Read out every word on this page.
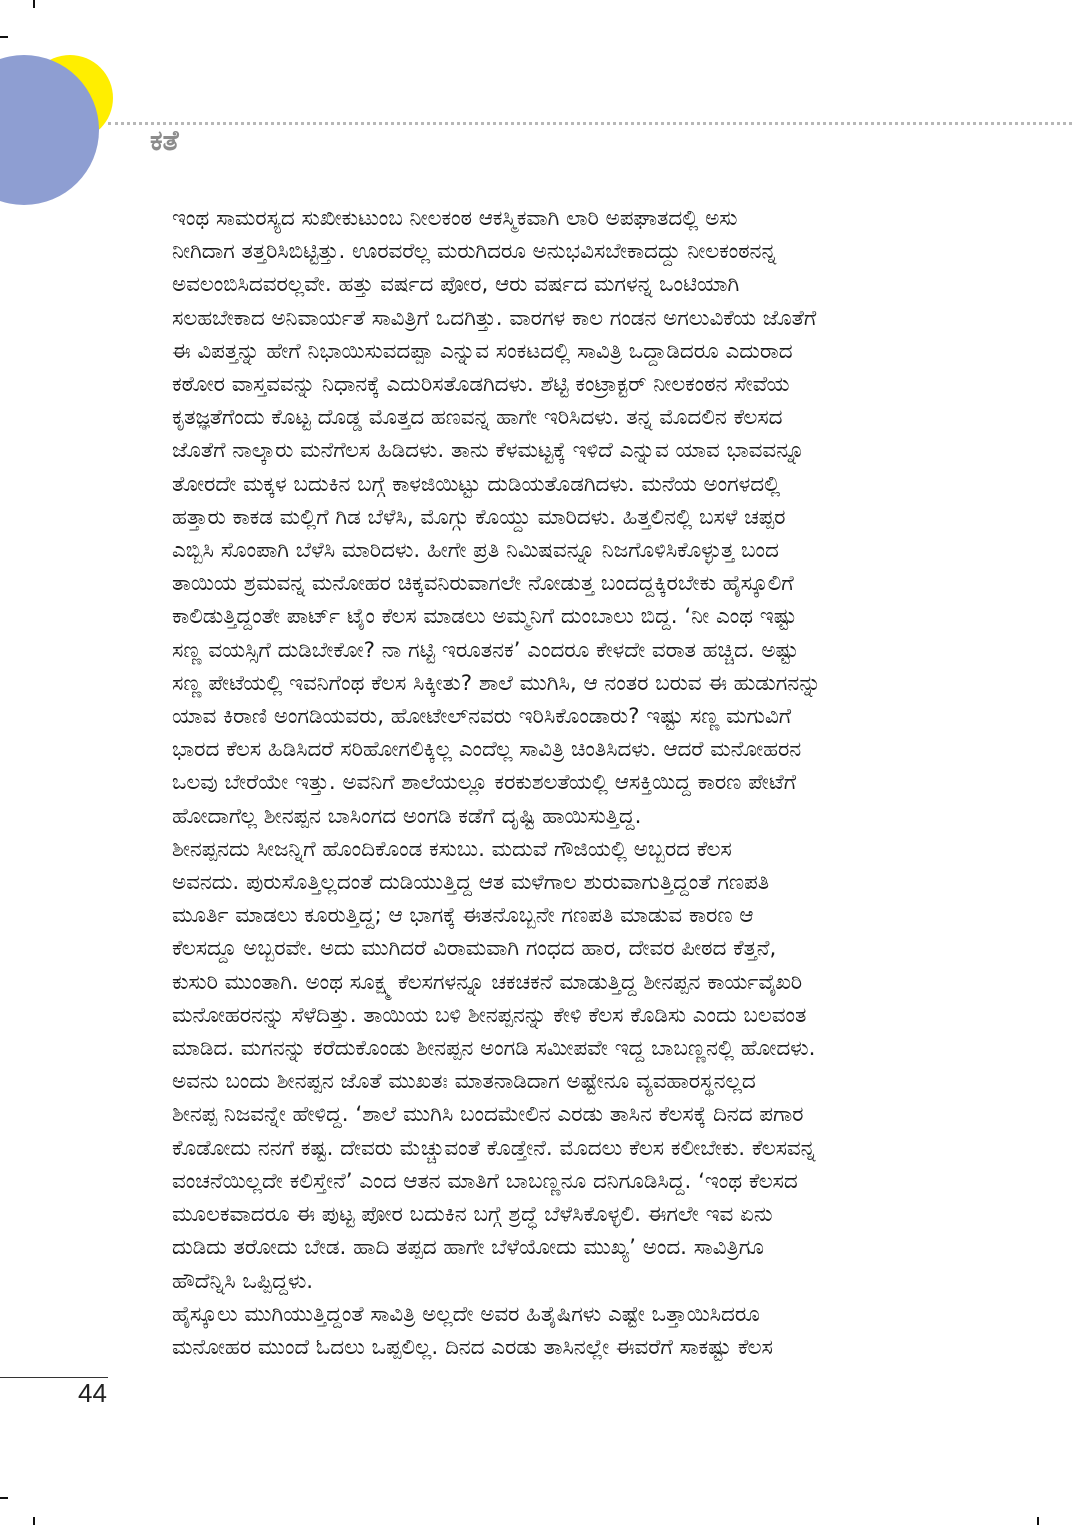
ಕತೆ

ಇಂಥ ಸಾಮರಸ್ಯದ ಸುಖೀಕುಟುಂಬ ನೀಲಕಂಠ ಆಕಸ್ಮಿಕವಾಗಿ ಲಾರಿ ಅಪಘಾತದಲ್ಲಿ ಅಸು
ನೀಗಿದಾಗ ತತ್ತರಿಸಿಬಿಟ್ಟಿತ್ತು. ಊರವರೆಲ್ಲ ಮರುಗಿದರೂ ಅನುಭವಿಸಬೇಕಾದದ್ದು ನೀಲಕಂಠನನ್ನ
ಅವಲಂಬಿಸಿದವರಲ್ಲವೇ. ಹತ್ತು ವರ್ಷದ ಪೋರ, ಆರು ವರ್ಷದ ಮಗಳನ್ನ ಒಂಟಿಯಾಗಿ
ಸಲಹಬೇಕಾದ ಅನಿವಾರ್ಯತೆ ಸಾವಿತ್ರಿಗೆ ಒದಗಿತ್ತು. ವಾರಗಳ ಕಾಲ ಗಂಡನ ಅಗಲುವಿಕೆಯ ಜೊತೆಗೆ
ಈ ವಿಪತ್ತನ್ನು ಹೇಗೆ ನಿಭಾಯಿಸುವದಪ್ಪಾ ಎನ್ನುವ ಸಂಕಟದಲ್ಲಿ ಸಾವಿತ್ರಿ ಒದ್ದಾಡಿದರೂ ಎದುರಾದ
ಕಠೋರ ವಾಸ್ತವವನ್ನು ನಿಧಾನಕ್ಕೆ ಎದುರಿಸತೊಡಗಿದಳು. ಶೆಟ್ಟಿ ಕಂಟ್ರಾಕ್ಟರ್ ನೀಲಕಂಠನ ಸೇವೆಯ
ಕೃತಜ್ಞತೆಗೆಂದು ಕೊಟ್ಟ ದೊಡ್ಡ ಮೊತ್ತದ ಹಣವನ್ನ ಹಾಗೇ ಇರಿಸಿದಳು. ತನ್ನ ಮೊದಲಿನ ಕೆಲಸದ
ಜೊತೆಗೆ ನಾಲ್ಕಾರು ಮನೆಗೆಲಸ ಹಿಡಿದಳು. ತಾನು ಕೆಳಮಟ್ಟಕ್ಕೆ ಇಳಿದೆ ಎನ್ನುವ ಯಾವ ಭಾವವನ್ನೂ
ತೋರದೇ ಮಕ್ಕಳ ಬದುಕಿನ ಬಗ್ಗೆ ಕಾಳಜಿಯಿಟ್ಟು ದುಡಿಯತೊಡಗಿದಳು. ಮನೆಯ ಅಂಗಳದಲ್ಲಿ
ಹತ್ತಾರು ಕಾಕಡ ಮಲ್ಲಿಗೆ ಗಿಡ ಬೆಳೆಸಿ, ಮೊಗ್ಗು ಕೊಯ್ದು ಮಾರಿದಳು. ಹಿತ್ತಲಿನಲ್ಲಿ ಬಸಳೆ ಚಪ್ಪರ
ಎಬ್ಬಿಸಿ ಸೊಂಪಾಗಿ ಬೆಳೆಸಿ ಮಾರಿದಳು. ಹೀಗೇ ಪ್ರತಿ ನಿಮಿಷವನ್ನೂ ನಿಜಗೊಳಿಸಿಕೊಳ್ಳುತ್ತ ಬಂದ
ತಾಯಿಯ ಶ್ರಮವನ್ನ ಮನೋಹರ ಚಿಕ್ಕವನಿರುವಾಗಲೇ ನೋಡುತ್ತ ಬಂದದ್ದಕ್ಕಿರಬೇಕು ಹೈಸ್ಕೂಲಿಗೆ
ಕಾಲಿಡುತ್ತಿದ್ದಂತೇ ಪಾರ್ಟ್ ಟೈಂ ಕೆಲಸ ಮಾಡಲು ಅಮ್ಮನಿಗೆ ದುಂಬಾಲು ಬಿದ್ದ. ‘ನೀ ಎಂಥ ಇಷ್ಟು
ಸಣ್ಣ ವಯಸ್ಸಿಗೆ ದುಡಿಬೇಕೋ? ನಾ ಗಟ್ಟಿ ಇರೂತನಕ’ ಎಂದರೂ ಕೇಳದೇ ವರಾತ ಹಚ್ಚಿದ. ಅಷ್ಟು
ಸಣ್ಣ ಪೇಟೆಯಲ್ಲಿ ಇವನಿಗೆಂಥ ಕೆಲಸ ಸಿಕ್ಕೀತು? ಶಾಲೆ ಮುಗಿಸಿ, ಆ ನಂತರ ಬರುವ ಈ ಹುಡುಗನನ್ನು
ಯಾವ ಕಿರಾಣಿ ಅಂಗಡಿಯವರು, ಹೋಟೇಲ್‌ನವರು ಇರಿಸಿಕೊಂಡಾರು? ಇಷ್ಟು ಸಣ್ಣ ಮಗುವಿಗೆ
ಭಾರದ ಕೆಲಸ ಹಿಡಿಸಿದರೆ ಸರಿಹೋಗಲಿಕ್ಕಿಲ್ಲ ಎಂದೆಲ್ಲ ಸಾವಿತ್ರಿ ಚಿಂತಿಸಿದಳು. ಆದರೆ ಮನೋಹರನ
ಒಲವು ಬೇರೆಯೇ ಇತ್ತು. ಅವನಿಗೆ ಶಾಲೆಯಲ್ಲೂ ಕರಕುಶಲತೆಯಲ್ಲಿ ಆಸಕ್ತಿಯಿದ್ದ ಕಾರಣ ಪೇಟೆಗೆ
ಹೋದಾಗೆಲ್ಲ ಶೀನಪ್ಪನ ಬಾಸಿಂಗದ ಅಂಗಡಿ ಕಡೆಗೆ ದೃಷ್ಟಿ ಹಾಯಿಸುತ್ತಿದ್ದ.

ಶೀನಪ್ಪನದು ಸೀಜನ್ನಿಗೆ ಹೊಂದಿಕೊಂಡ ಕಸುಬು. ಮದುವೆ ಗೌಜಿಯಲ್ಲಿ ಅಬ್ಬರದ ಕೆಲಸ
ಅವನದು. ಪುರುಸೊತ್ತಿಲ್ಲದಂತೆ ದುಡಿಯುತ್ತಿದ್ದ ಆತ ಮಳೆಗಾಲ ಶುರುವಾಗುತ್ತಿದ್ದಂತೆ ಗಣಪತಿ
ಮೂರ್ತಿ ಮಾಡಲು ಕೂರುತ್ತಿದ್ದ; ಆ ಭಾಗಕ್ಕೆ ಈತನೊಬ್ಬನೇ ಗಣಪತಿ ಮಾಡುವ ಕಾರಣ ಆ
ಕೆಲಸದ್ದೂ ಅಬ್ಬರವೇ. ಅದು ಮುಗಿದರೆ ವಿರಾಮವಾಗಿ ಗಂಧದ ಹಾರ, ದೇವರ ಪೀಠದ ಕೆತ್ತನೆ,
ಕುಸುರಿ ಮುಂತಾಗಿ. ಅಂಥ ಸೂಕ್ಷ್ಮ ಕೆಲಸಗಳನ್ನೂ ಚಕಚಕನೆ ಮಾಡುತ್ತಿದ್ದ ಶೀನಪ್ಪನ ಕಾರ್ಯವೈಖರಿ
ಮನೋಹರನನ್ನು ಸೆಳೆದಿತ್ತು. ತಾಯಿಯ ಬಳಿ ಶೀನಪ್ಪನನ್ನು ಕೇಳಿ ಕೆಲಸ ಕೊಡಿಸು ಎಂದು ಬಲವಂತ
ಮಾಡಿದ. ಮಗನನ್ನು ಕರೆದುಕೊಂಡು ಶೀನಪ್ಪನ ಅಂಗಡಿ ಸಮೀಪವೇ ಇದ್ದ ಬಾಬಣ್ಣನಲ್ಲಿ ಹೋದಳು.
ಅವನು ಬಂದು ಶೀನಪ್ಪನ ಜೊತೆ ಮುಖತಃ ಮಾತನಾಡಿದಾಗ ಅಷ್ಟೇನೂ ವ್ಯವಹಾರಸ್ಥನಲ್ಲದ
ಶೀನಪ್ಪ ನಿಜವನ್ನೇ ಹೇಳಿದ್ದ. ‘ಶಾಲೆ ಮುಗಿಸಿ ಬಂದಮೇಲಿನ ಎರಡು ತಾಸಿನ ಕೆಲಸಕ್ಕೆ ದಿನದ ಪಗಾರ
ಕೊಡೋದು ನನಗೆ ಕಷ್ಟ. ದೇವರು ಮೆಚ್ಚುವಂತೆ ಕೊಡ್ತೇನೆ. ಮೊದಲು ಕೆಲಸ ಕಲೀಬೇಕು. ಕೆಲಸವನ್ನ
ವಂಚನೆಯಿಲ್ಲದೇ ಕಲಿಸ್ತೇನೆ’ ಎಂದ ಆತನ ಮಾತಿಗೆ ಬಾಬಣ್ಣನೂ ದನಿಗೂಡಿಸಿದ್ದ. ‘ಇಂಥ ಕೆಲಸದ
ಮೂಲಕವಾದರೂ ಈ ಪುಟ್ಟ ಪೋರ ಬದುಕಿನ ಬಗ್ಗೆ ಶ್ರದ್ಧೆ ಬೆಳೆಸಿಕೊಳ್ಳಲಿ. ಈಗಲೇ ಇವ ಏನು
ದುಡಿದು ತರೋದು ಬೇಡ. ಹಾದಿ ತಪ್ಪದ ಹಾಗೇ ಬೆಳೆಯೋದು ಮುಖ್ಯ’ ಅಂದ. ಸಾವಿತ್ರಿಗೂ
ಹೌದೆನ್ನಿಸಿ ಒಪ್ಪಿದ್ದಳು.

ಹೈಸ್ಕೂಲು ಮುಗಿಯುತ್ತಿದ್ದಂತೆ ಸಾವಿತ್ರಿ ಅಲ್ಲದೇ ಅವರ ಹಿತೈಷಿಗಳು ಎಷ್ಟೇ ಒತ್ತಾಯಿಸಿದರೂ
ಮನೋಹರ ಮುಂದೆ ಓದಲು ಒಪ್ಪಲಿಲ್ಲ. ದಿನದ ಎರಡು ತಾಸಿನಲ್ಲೇ ಈವರೆಗೆ ಸಾಕಷ್ಟು ಕೆಲಸ

44
